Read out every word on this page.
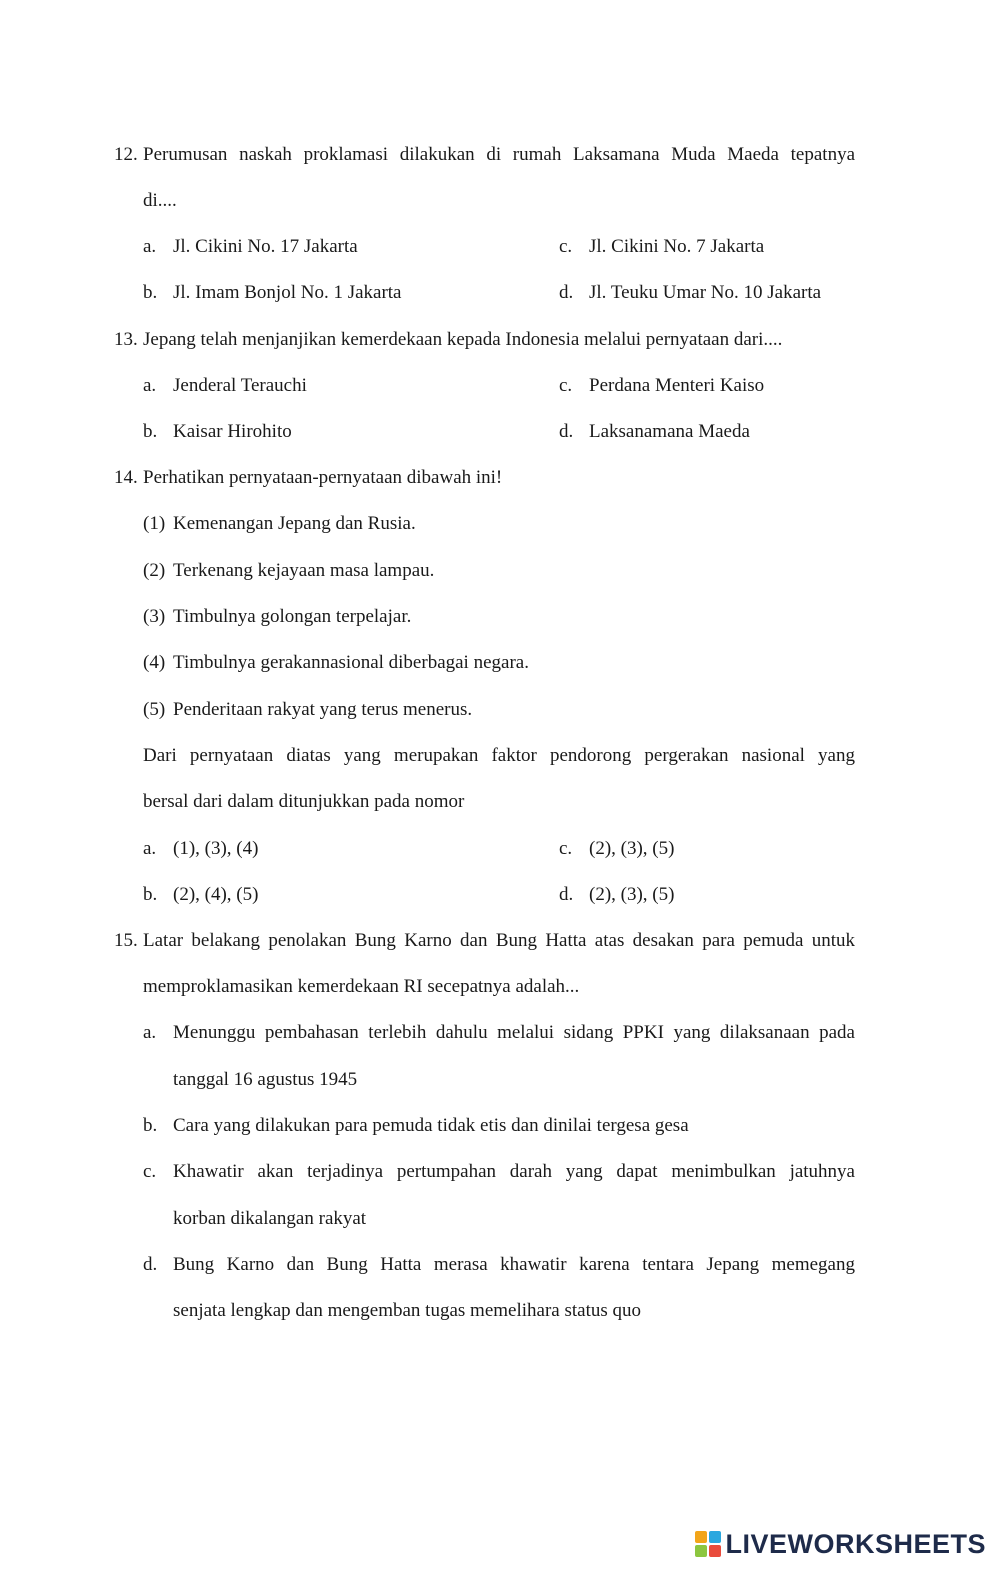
12. Perumusan naskah proklamasi dilakukan di rumah Laksamana Muda Maeda tepatnya
di....
a. Jl. Cikini No. 17 Jakarta
b. Jl. Imam Bonjol No. 1 Jakarta
c. Jl. Cikini No. 7 Jakarta
d. Jl. Teuku Umar No. 10 Jakarta
13. Jepang telah menjanjikan kemerdekaan kepada Indonesia melalui pernyataan dari....
a. Jenderal Terauchi
b. Kaisar Hirohito
c. Perdana Menteri Kaiso
d. Laksanamana Maeda
14. Perhatikan pernyataan-pernyataan dibawah ini!
(1) Kemenangan Jepang dan Rusia.
(2) Terkenang kejayaan masa lampau.
(3) Timbulnya golongan terpelajar.
(4) Timbulnya gerakannasional diberbagai negara.
(5) Penderitaan rakyat yang terus menerus.
Dari pernyataan diatas yang merupakan faktor pendorong pergerakan nasional yang
bersal dari dalam ditunjukkan pada nomor
a. (1), (3), (4)
b. (2), (4), (5)
c. (2), (3), (5)
d. (2), (3), (5)
15. Latar belakang penolakan Bung Karno dan Bung Hatta atas desakan para pemuda untuk
memproklamasikan kemerdekaan RI secepatnya adalah...
a. Menunggu pembahasan terlebih dahulu melalui sidang PPKI yang dilaksanaan pada
tanggal 16 agustus 1945
b. Cara yang dilakukan para pemuda tidak etis dan dinilai tergesa gesa
c. Khawatir akan terjadinya pertumpahan darah yang dapat menimbulkan jatuhnya
korban dikalangan rakyat
d. Bung Karno dan Bung Hatta merasa khawatir karena tentara Jepang memegang
senjata lengkap dan mengemban tugas memelihara status quo
LIVEWORKSHEETS
